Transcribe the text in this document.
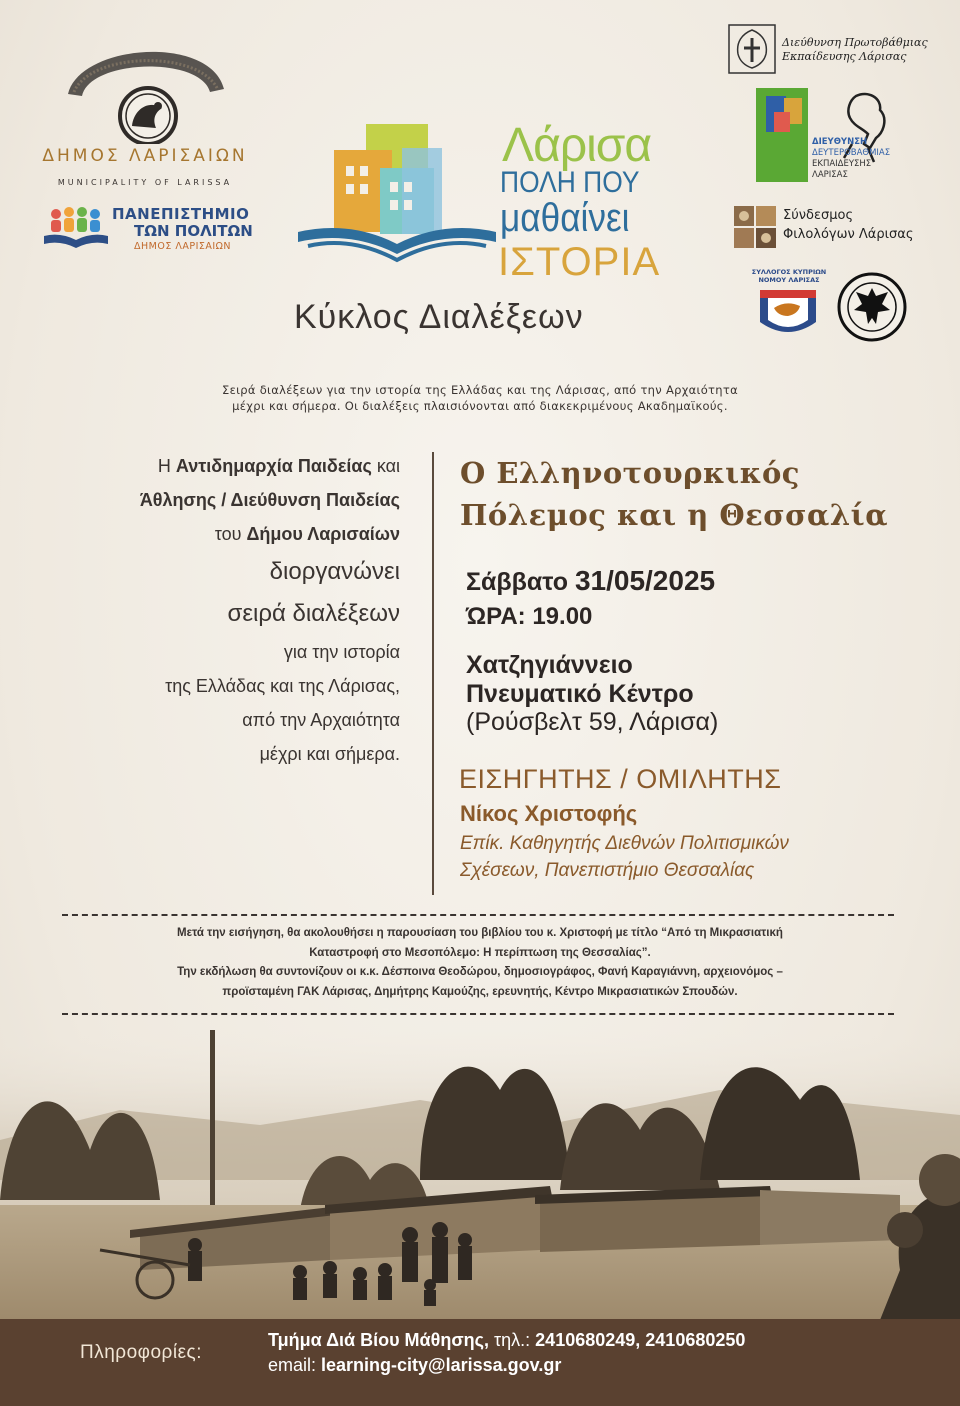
ΔΗΜΟΣ ΛΑΡΙΣΑΙΩΝ
MUNICIPALITY OF LARISSA
ΠΑΝΕΠΙΣΤΗΜΙΟ
ΤΩΝ ΠΟΛΙΤΩΝ
ΔΗΜΟΣ ΛΑΡΙΣΑΙΩΝ
Λάρισα
ΠΟΛΗ ΠΟΥ
μαθαίνει
ΙΣΤΟΡΙΑ
Κύκλος Διαλέξεων
Διεύθυνση Πρωτοβάθμιας
Εκπαίδευσης Λάρισας
ΔΙΕΥΘΥΝΣΗ
ΔΕΥΤΕΡΟΒΑΘΜΙΑΣ
ΕΚΠΑΙΔΕΥΣΗΣ
ΛΑΡΙΣΑΣ
Σύνδεσμος
Φιλολόγων Λάρισας
ΣΥΛΛΟΓΟΣ ΚΥΠΡΙΩΝ
ΝΟΜΟΥ ΛΑΡΙΣΑΣ
Σειρά διαλέξεων για την ιστορία της Ελλάδας και της Λάρισας, από την Αρχαιότητα
μέχρι και σήμερα. Οι διαλέξεις πλαισιόνονται από διακεκριμένους Ακαδημαϊκούς.
Η Αντιδημαρχία Παιδείας και
Άθλησης / Διεύθυνση Παιδείας
του Δήμου Λαρισαίων
διοργανώνει
σειρά διαλέξεων
για την ιστορία
της Ελλάδας και της Λάρισας,
από την Αρχαιότητα
μέχρι και σήμερα.
Ο Ελληνοτουρκικός
Πόλεμος και η Θεσσαλία
Σάββατο 31/05/2025
ΏΡΑ: 19.00
Χατζηγιάννειο
Πνευματικό Κέντρο
(Ρούσβελτ 59, Λάρισα)
ΕΙΣΗΓΗΤΗΣ / ΟΜΙΛΗΤΗΣ
Νίκος Χριστοφής
Επίκ. Καθηγητής Διεθνών Πολιτισμικών
Σχέσεων, Πανεπιστήμιο Θεσσαλίας
Μετά την εισήγηση, θα ακολουθήσει η παρουσίαση του βιβλίου του κ. Χριστοφή με τίτλο “Από τη Μικρασιατική
Καταστροφή στο Μεσοπόλεμο: Η περίπτωση της Θεσσαλίας”.
Την εκδήλωση θα συντονίζουν οι κ.κ. Δέσποινα Θεοδώρου, δημοσιογράφος, Φανή Καραγιάννη, αρχειονόμος –
προϊσταμένη ΓΑΚ Λάρισας, Δημήτρης Καμούζης, ερευνητής, Κέντρο Μικρασιατικών Σπουδών.
Πληροφορίες:
Τμήμα Διά Βίου Μάθησης, τηλ.: 2410680249, 2410680250
email: learning-city@larissa.gov.gr
